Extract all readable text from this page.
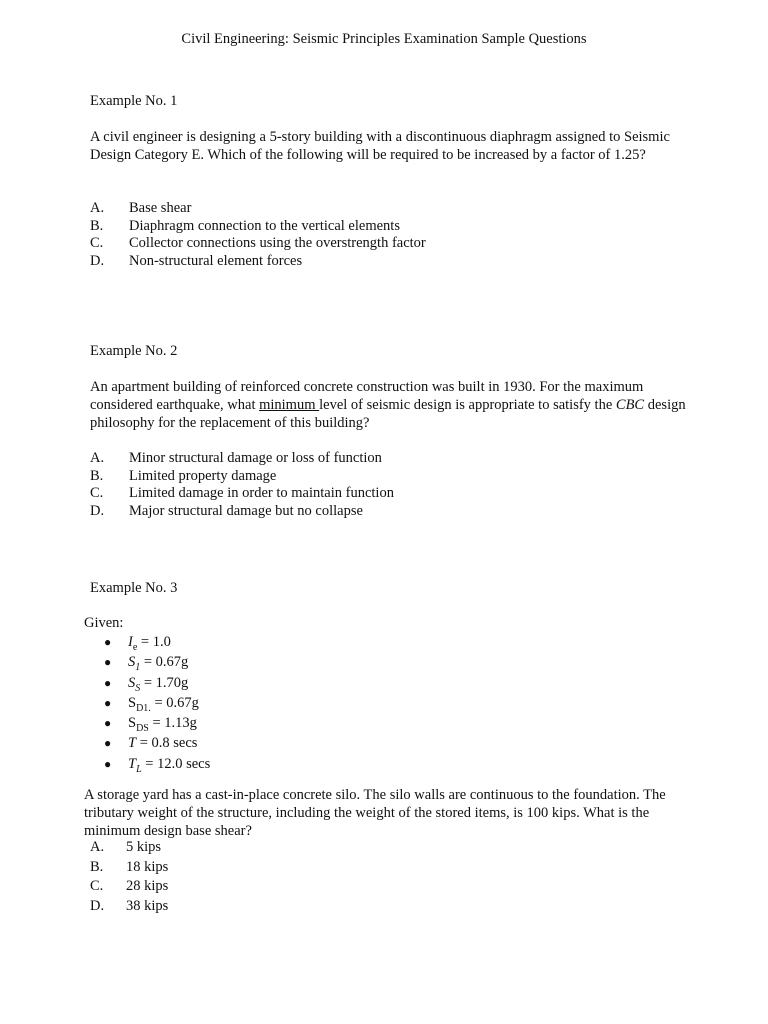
Civil Engineering: Seismic Principles Examination Sample Questions

Example No. 1

A civil engineer is designing a 5-story building with a discontinuous diaphragm assigned to Seismic Design Category E. Which of the following will be required to be increased by a factor of 1.25?

A. Base shear
B. Diaphragm connection to the vertical elements
C. Collector connections using the overstrength factor
D. Non-structural element forces

Example No. 2

An apartment building of reinforced concrete construction was built in 1930. For the maximum considered earthquake, what minimum level of seismic design is appropriate to satisfy the CBC design philosophy for the replacement of this building?

A. Minor structural damage or loss of function
B. Limited property damage
C. Limited damage in order to maintain function
D. Major structural damage but no collapse

Example No. 3

Given:

● $I_e = 1.0$
● $S_1 = 0.67g$
● $S_S = 1.70g$
● $S_{D1.} = 0.67g$
● $S_{DS} = 1.13g$
● T = 0.8 secs
● $T_L = 12.0$ secs

A storage yard has a cast-in-place concrete silo. The silo walls are continuous to the foundation. The tributary weight of the structure, including the weight of the stored items, is 100 kips. What is the minimum design base shear?

A. 5 kips
B. 18 kips
C. 28 kips
D. 38 kips
